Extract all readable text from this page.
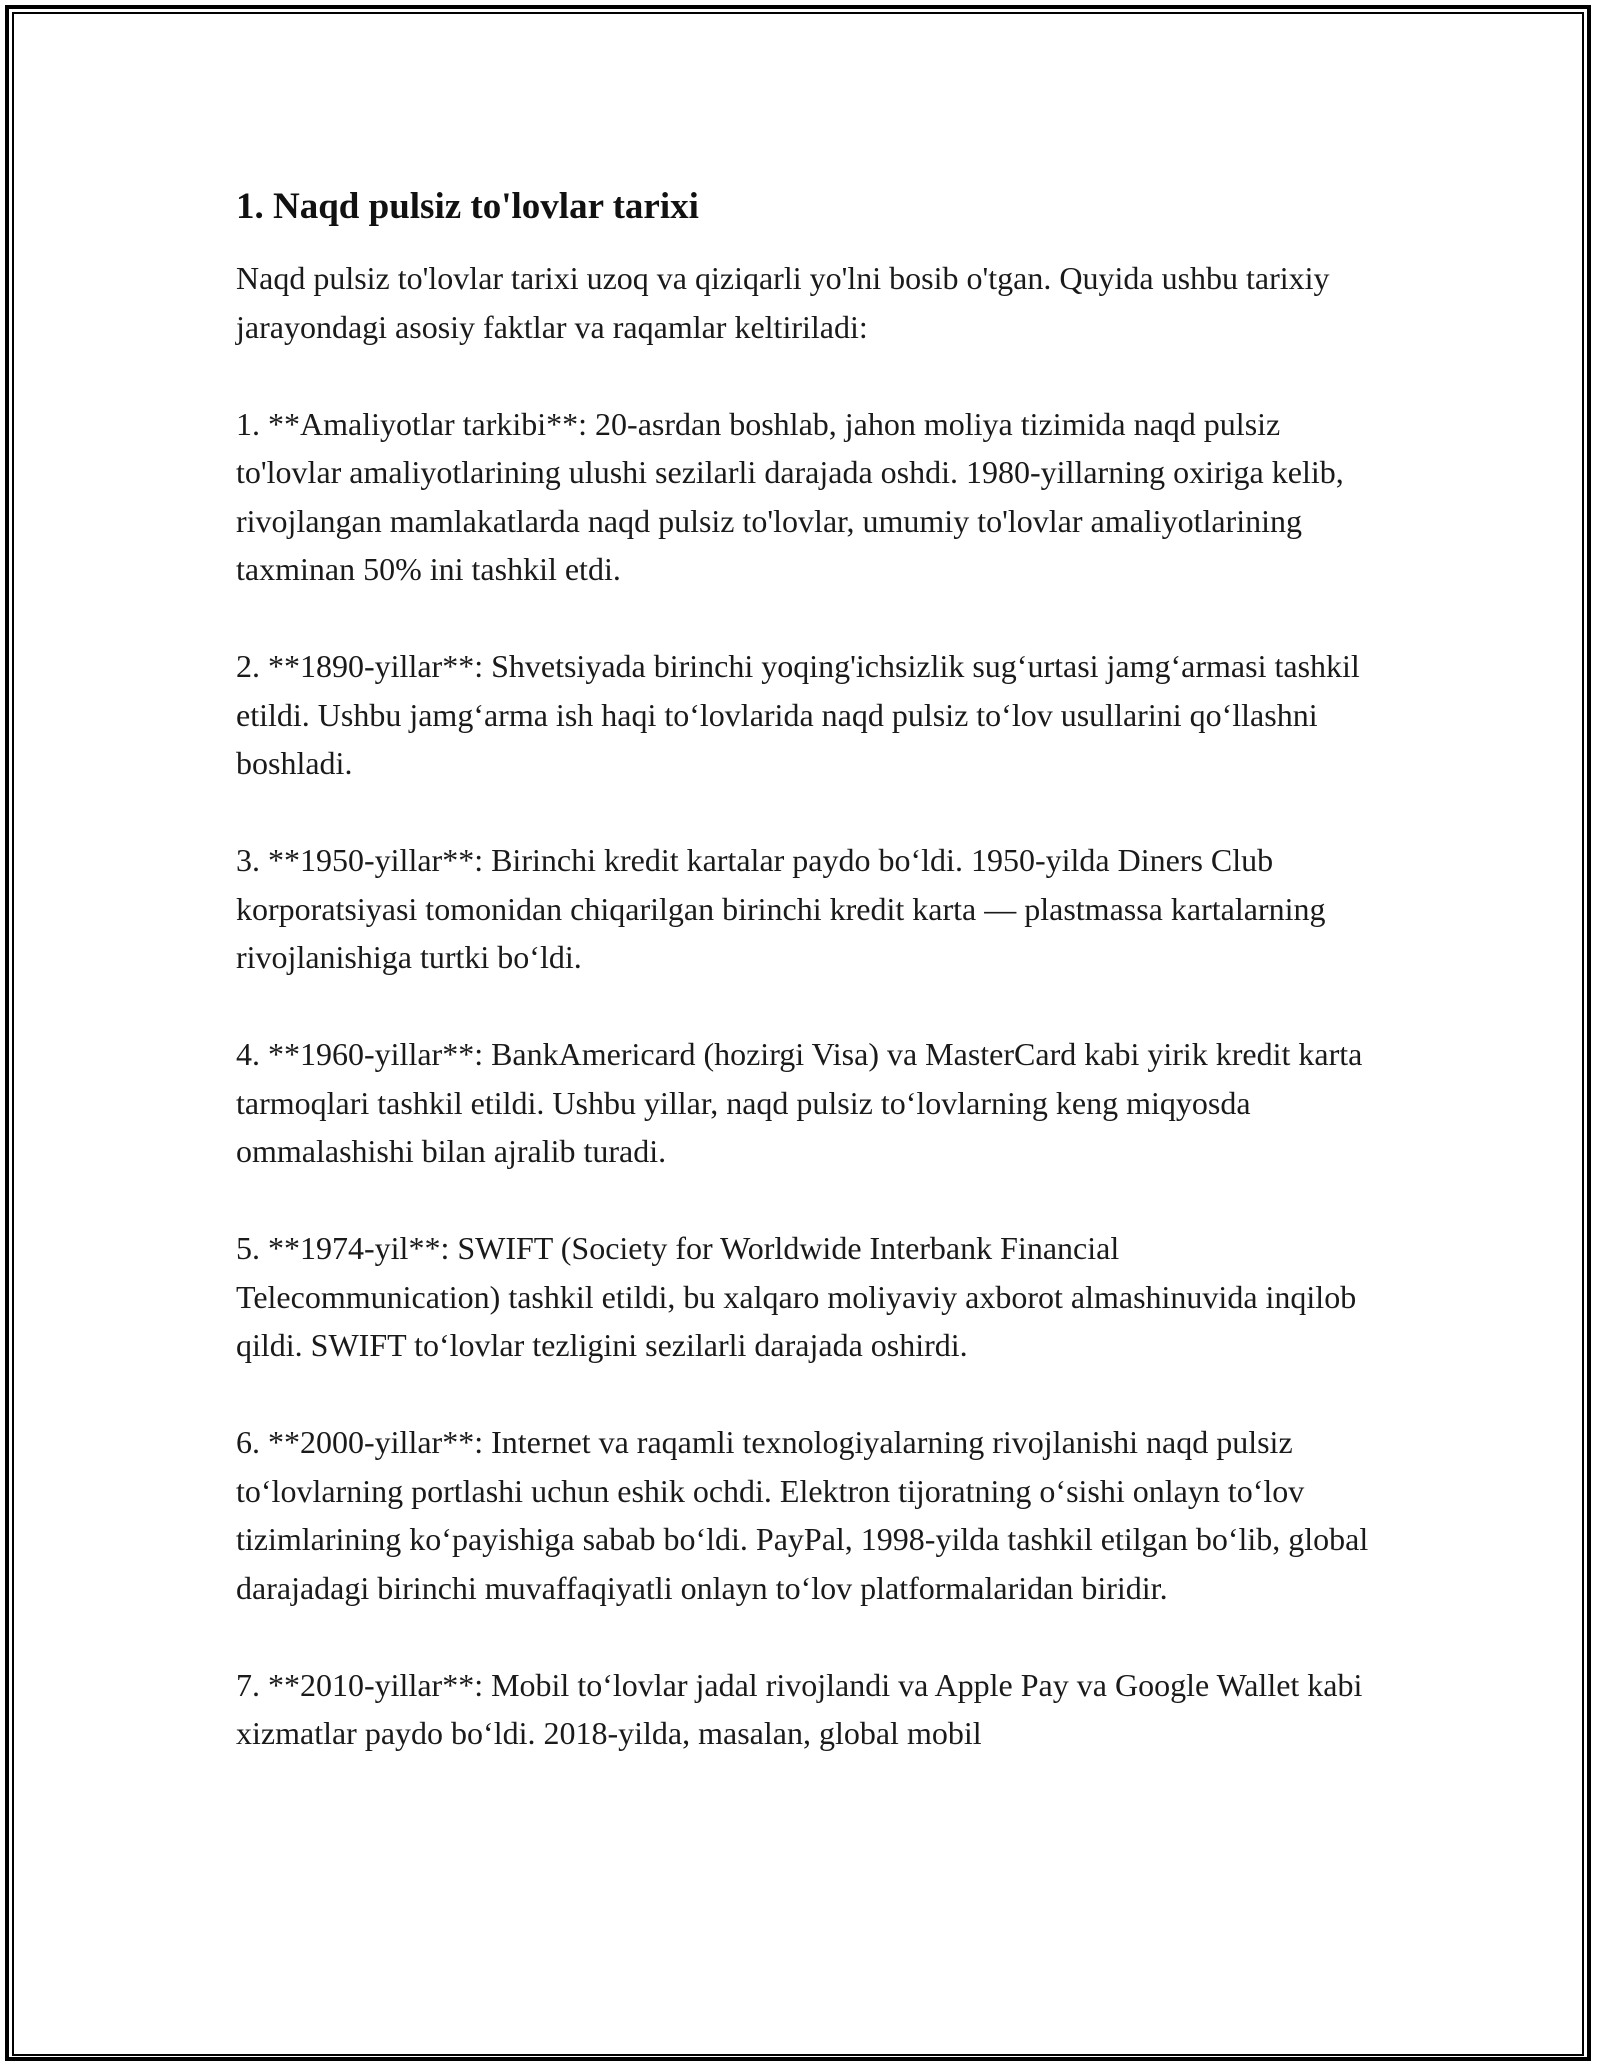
1. Naqd pulsiz to'lovlar tarixi

Naqd pulsiz to'lovlar tarixi uzoq va qiziqarli yo'lni bosib o'tgan. Quyida ushbu tarixiy jarayondagi asosiy faktlar va raqamlar keltiriladi:

1. **Amaliyotlar tarkibi**: 20-asrdan boshlab, jahon moliya tizimida naqd pulsiz to'lovlar amaliyotlarining ulushi sezilarli darajada oshdi. 1980-yillarning oxiriga kelib, rivojlangan mamlakatlarda naqd pulsiz to'lovlar, umumiy to'lovlar amaliyotlarining taxminan 50% ini tashkil etdi.

2. **1890-yillar**: Shvetsiyada birinchi yoqing'ichsizlik sug‘urtasi jamg‘armasi tashkil etildi. Ushbu jamg‘arma ish haqi to‘lovlarida naqd pulsiz to‘lov usullarini qo‘llashni boshladi.

3. **1950-yillar**: Birinchi kredit kartalar paydo bo‘ldi. 1950-yilda Diners Club korporatsiyasi tomonidan chiqarilgan birinchi kredit karta — plastmassa kartalarning rivojlanishiga turtki bo‘ldi.

4. **1960-yillar**: BankAmericard (hozirgi Visa) va MasterCard kabi yirik kredit karta tarmoqlari tashkil etildi. Ushbu yillar, naqd pulsiz to‘lovlarning keng miqyosda ommalashishi bilan ajralib turadi.

5. **1974-yil**: SWIFT (Society for Worldwide Interbank Financial Telecommunication) tashkil etildi, bu xalqaro moliyaviy axborot almashinuvida inqilob qildi. SWIFT to‘lovlar tezligini sezilarli darajada oshirdi.

6. **2000-yillar**: Internet va raqamli texnologiyalarning rivojlanishi naqd pulsiz to‘lovlarning portlashi uchun eshik ochdi. Elektron tijoratning o‘sishi onlayn to‘lov tizimlarining ko‘payishiga sabab bo‘ldi. PayPal, 1998-yilda tashkil etilgan bo‘lib, global darajadagi birinchi muvaffaqiyatli onlayn to‘lov platformalaridan biridir.

7. **2010-yillar**: Mobil to‘lovlar jadal rivojlandi va Apple Pay va Google Wallet kabi xizmatlar paydo bo‘ldi. 2018-yilda, masalan, global mobil
